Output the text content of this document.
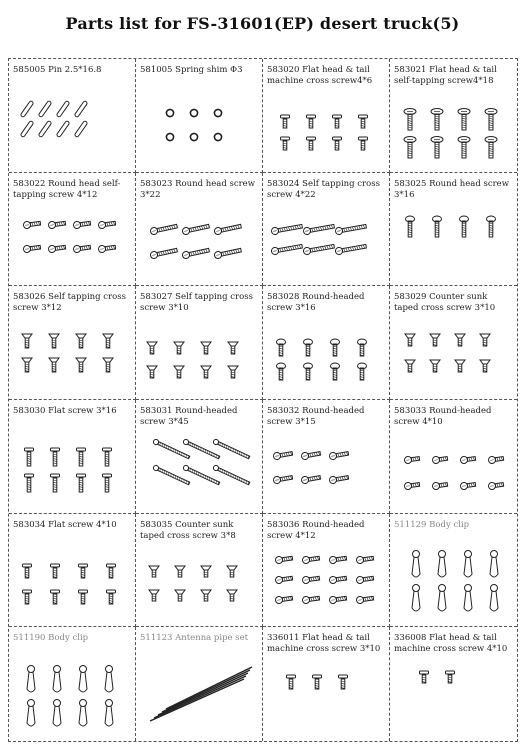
Parts list for FS-31601(EP) desert truck(5)
585005 Pin 2.5*16.8	581005 Spring shim Φ3	583020 Flat head & tail machine cross screw4*6
583021 Flat head & tail self-tapping screw4*18
583022 Round head self-tapping screw 4*12
583023 Round head screw 3*22
583024 Self tapping cross screw 4*22
583025 Round head screw 3*16
583026 Self tapping cross screw 3*12
583027 Self tapping cross screw 3*10
583028 Round-headed screw 3*16
583029 Counter sunk taped cross screw 3*10
583030 Flat screw 3*16	583031 Round-headed screw 3*45
583032 Round-headed screw 3*15
583033 Round-headed screw 4*10
583034 Flat screw 4*10	583035 Counter sunk taped cross screw 3*8
583036 Round-headed screw 4*12
511129 Body clip
511190 Body clip	511123 Antenna pipe set	336011 Flat head & tail machine cross screw 3*10
336008 Flat head & tail machine cross screw 4*10
